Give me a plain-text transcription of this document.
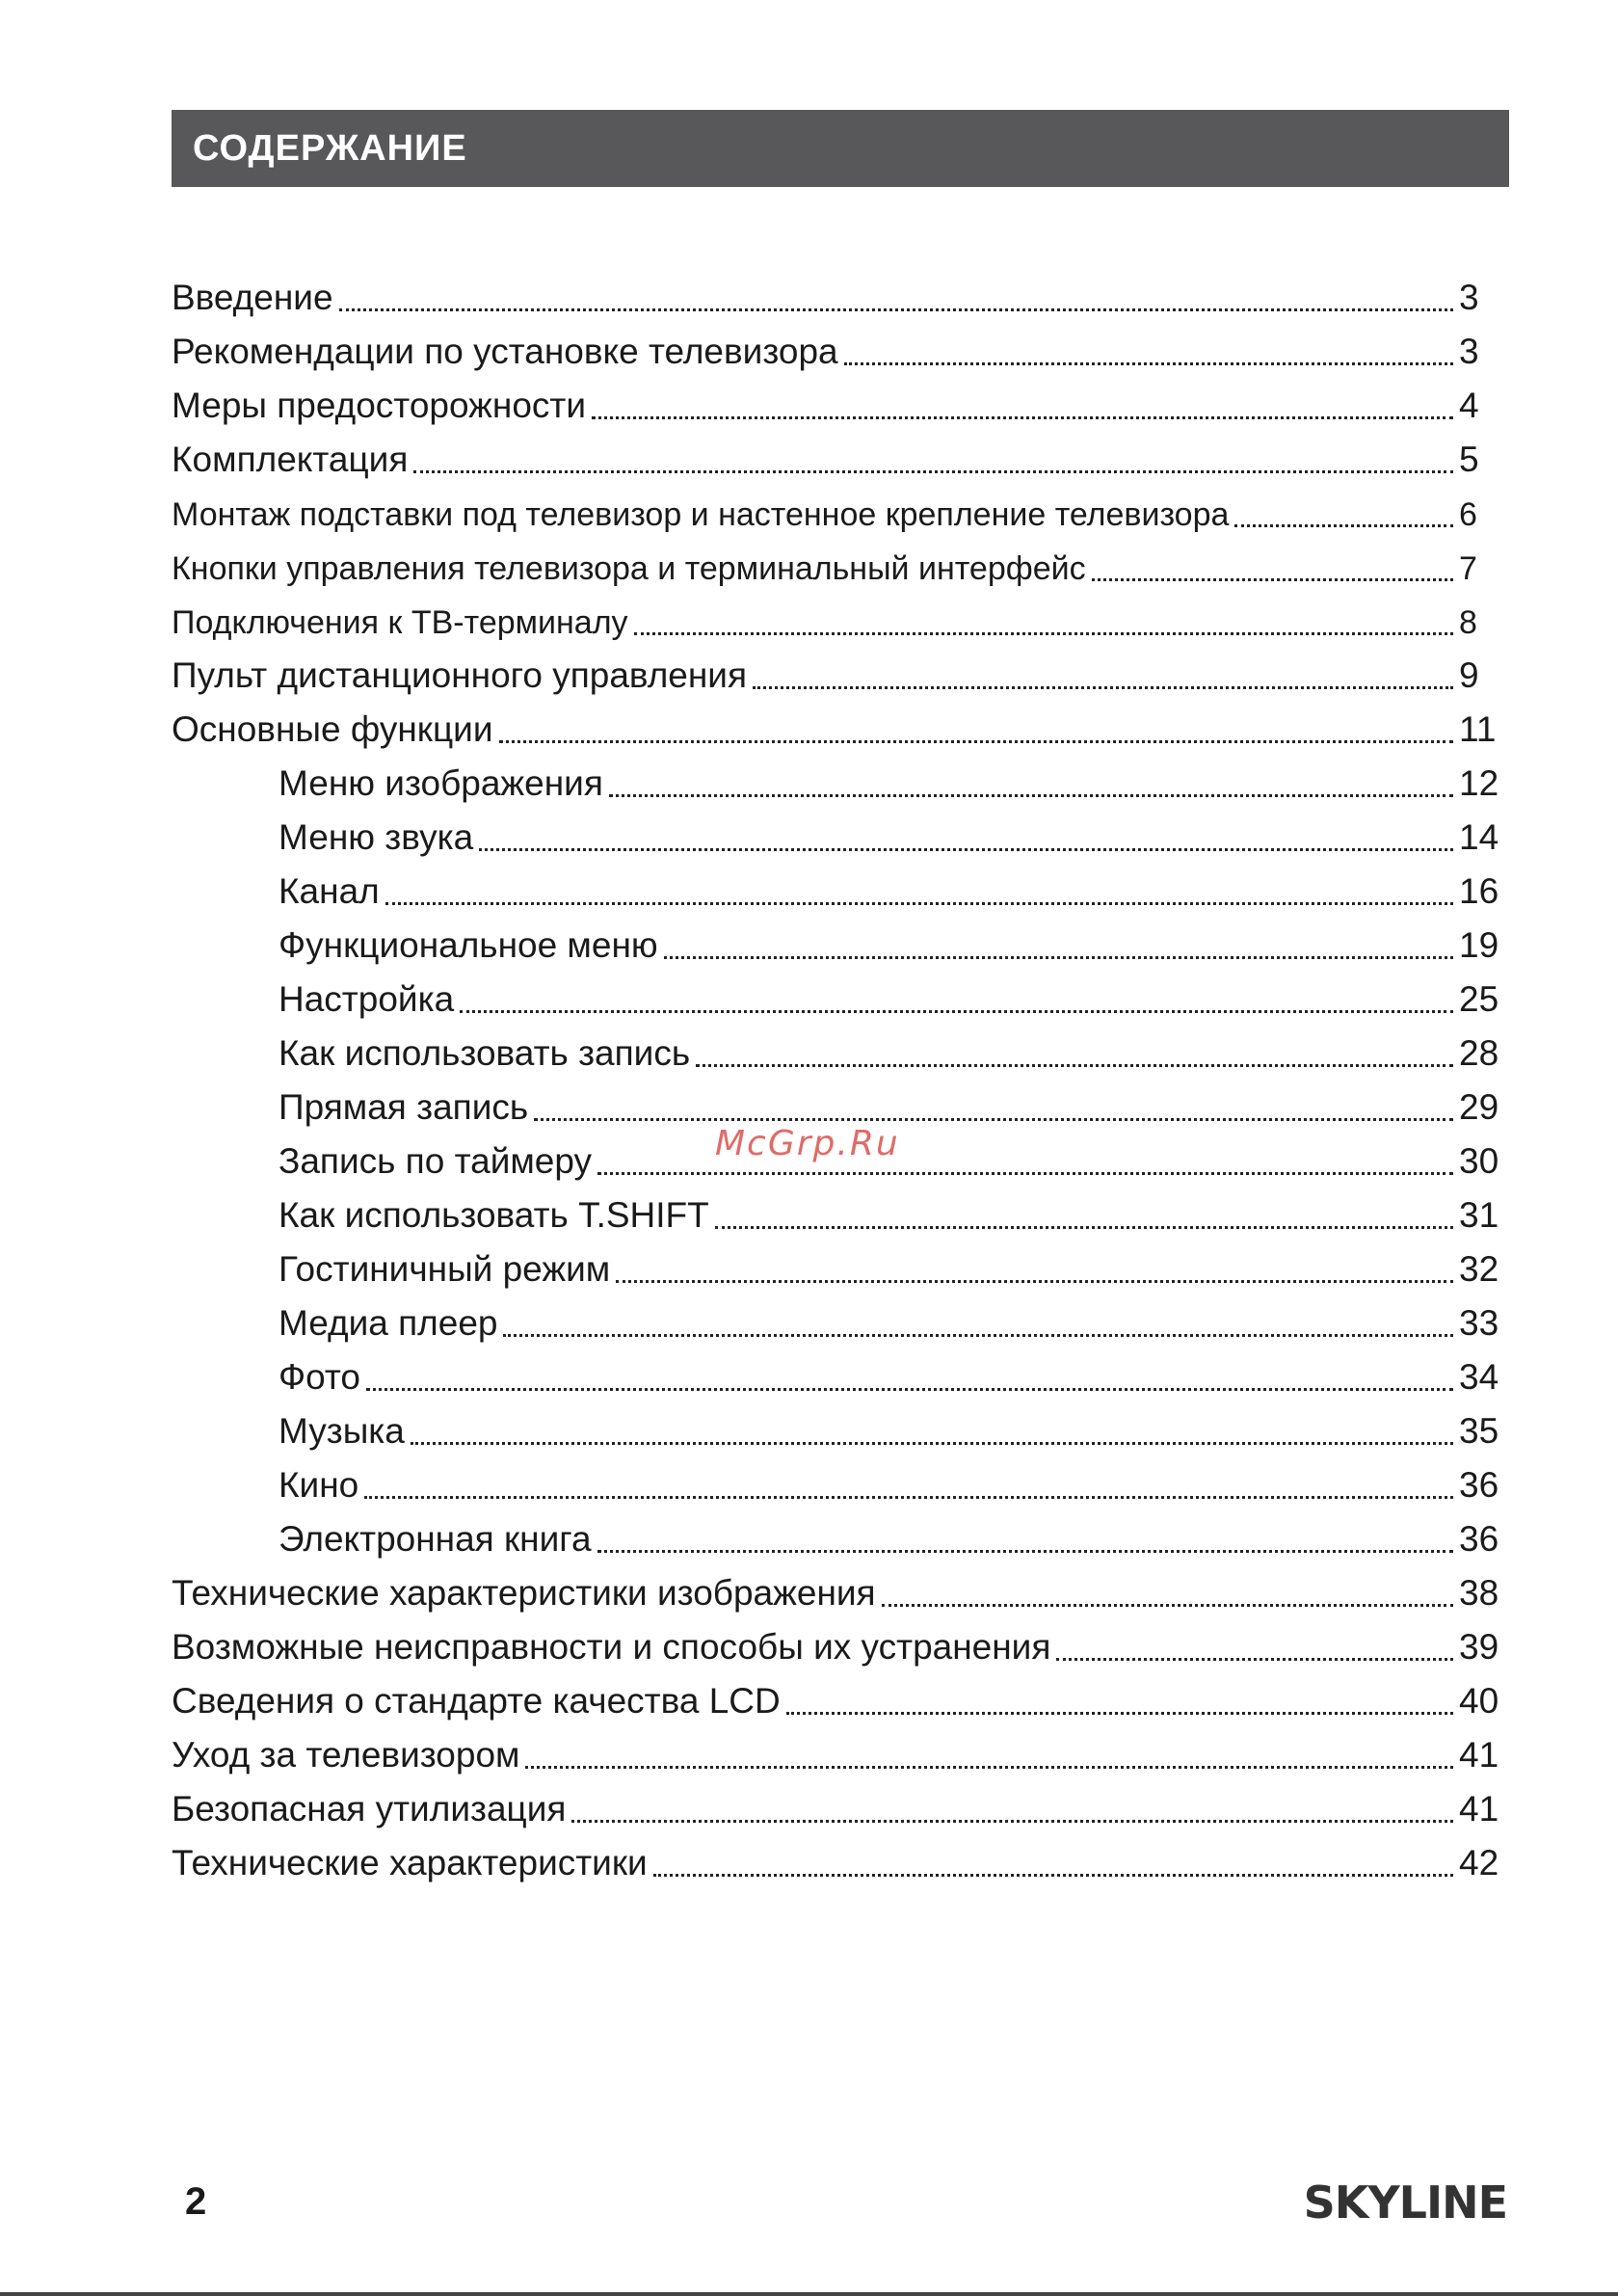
СОДЕРЖАНИЕ
Введение	3
Рекомендации по установке телевизора	3
Меры предосторожности	4
Комплектация	5
Монтаж подставки под телевизор и настенное крепление телевизора	6
Кнопки управления телевизора и терминальный интерфейс	7
Подключения к ТВ-терминалу	8
Пульт дистанционного управления	9
Основные функции	11
Меню изображения	12
Меню звука	14
Канал	16
Функциональное меню	19
Настройка	25
Как использовать запись	28
Прямая запись	29
Запись по таймеру	30
Как использовать T.SHIFT	31
Гостиничный режим	32
Медиа плеер	33
Фото	34
Музыка	35
Кино	36
Электронная книга	36
Технические характеристики изображения	38
Возможные неисправности и способы их устранения	39
Сведения о стандарте качества LCD	40
Уход за телевизором	41
Безопасная утилизация	41
Технические характеристики	42
McGrp.Ru
2	SKYLINE
